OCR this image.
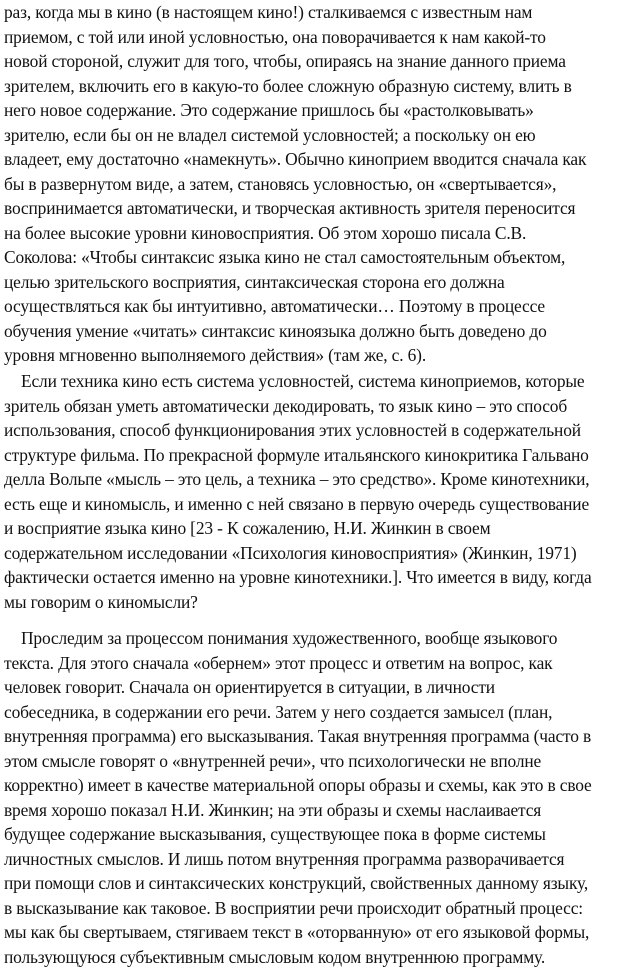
раз, когда мы в кино (в настоящем кино!) сталкиваемся с известным нам
приемом, с той или иной условностью, она поворачивается к нам какой-то
новой стороной, служит для того, чтобы, опираясь на знание данного приема
зрителем, включить его в какую-то более сложную образную систему, влить в
него новое содержание. Это содержание пришлось бы «растолковывать»
зрителю, если бы он не владел системой условностей; а поскольку он ею
владеет, ему достаточно «намекнуть». Обычно киноприем вводится сначала как
бы в развернутом виде, а затем, становясь условностью, он «свертывается»,
воспринимается автоматически, и творческая активность зрителя переносится
на более высокие уровни киновосприятия. Об этом хорошо писала С.В.
Соколова: «Чтобы синтаксис языка кино не стал самостоятельным объектом,
целью зрительского восприятия, синтаксическая сторона его должна
осуществляться как бы интуитивно, автоматически… Поэтому в процессе
обучения умение «читать» синтаксис киноязыка должно быть доведено до
уровня мгновенно выполняемого действия» (там же, с. 6).
Если техника кино есть система условностей, система киноприемов, которые
зритель обязан уметь автоматически декодировать, то язык кино – это способ
использования, способ функционирования этих условностей в содержательной
структуре фильма. По прекрасной формуле итальянского кинокритика Гальвано
делла Вольпе «мысль – это цель, а техника – это средство». Кроме кинотехники,
есть еще и киномысль, и именно с ней связано в первую очередь существование
и восприятие языка кино [23 - К сожалению, Н.И. Жинкин в своем
содержательном исследовании «Психология киновосприятия» (Жинкин, 1971)
фактически остается именно на уровне кинотехники.]. Что имеется в виду, когда
мы говорим о киномысли?
Проследим за процессом понимания художественного, вообще языкового
текста. Для этого сначала «обернем» этот процесс и ответим на вопрос, как
человек говорит. Сначала он ориентируется в ситуации, в личности
собеседника, в содержании его речи. Затем у него создается замысел (план,
внутренняя программа) его высказывания. Такая внутренняя программа (часто в
этом смысле говорят о «внутренней речи», что психологически не вполне
корректно) имеет в качестве материальной опоры образы и схемы, как это в свое
время хорошо показал Н.И. Жинкин; на эти образы и схемы наслаивается
будущее содержание высказывания, существующее пока в форме системы
личностных смыслов. И лишь потом внутренняя программа разворачивается
при помощи слов и синтаксических конструкций, свойственных данному языку,
в высказывание как таковое. В восприятии речи происходит обратный процесс:
мы как бы свертываем, стягиваем текст в «оторванную» от его языковой формы,
пользующуюся субъективным смысловым кодом внутреннюю программу.
